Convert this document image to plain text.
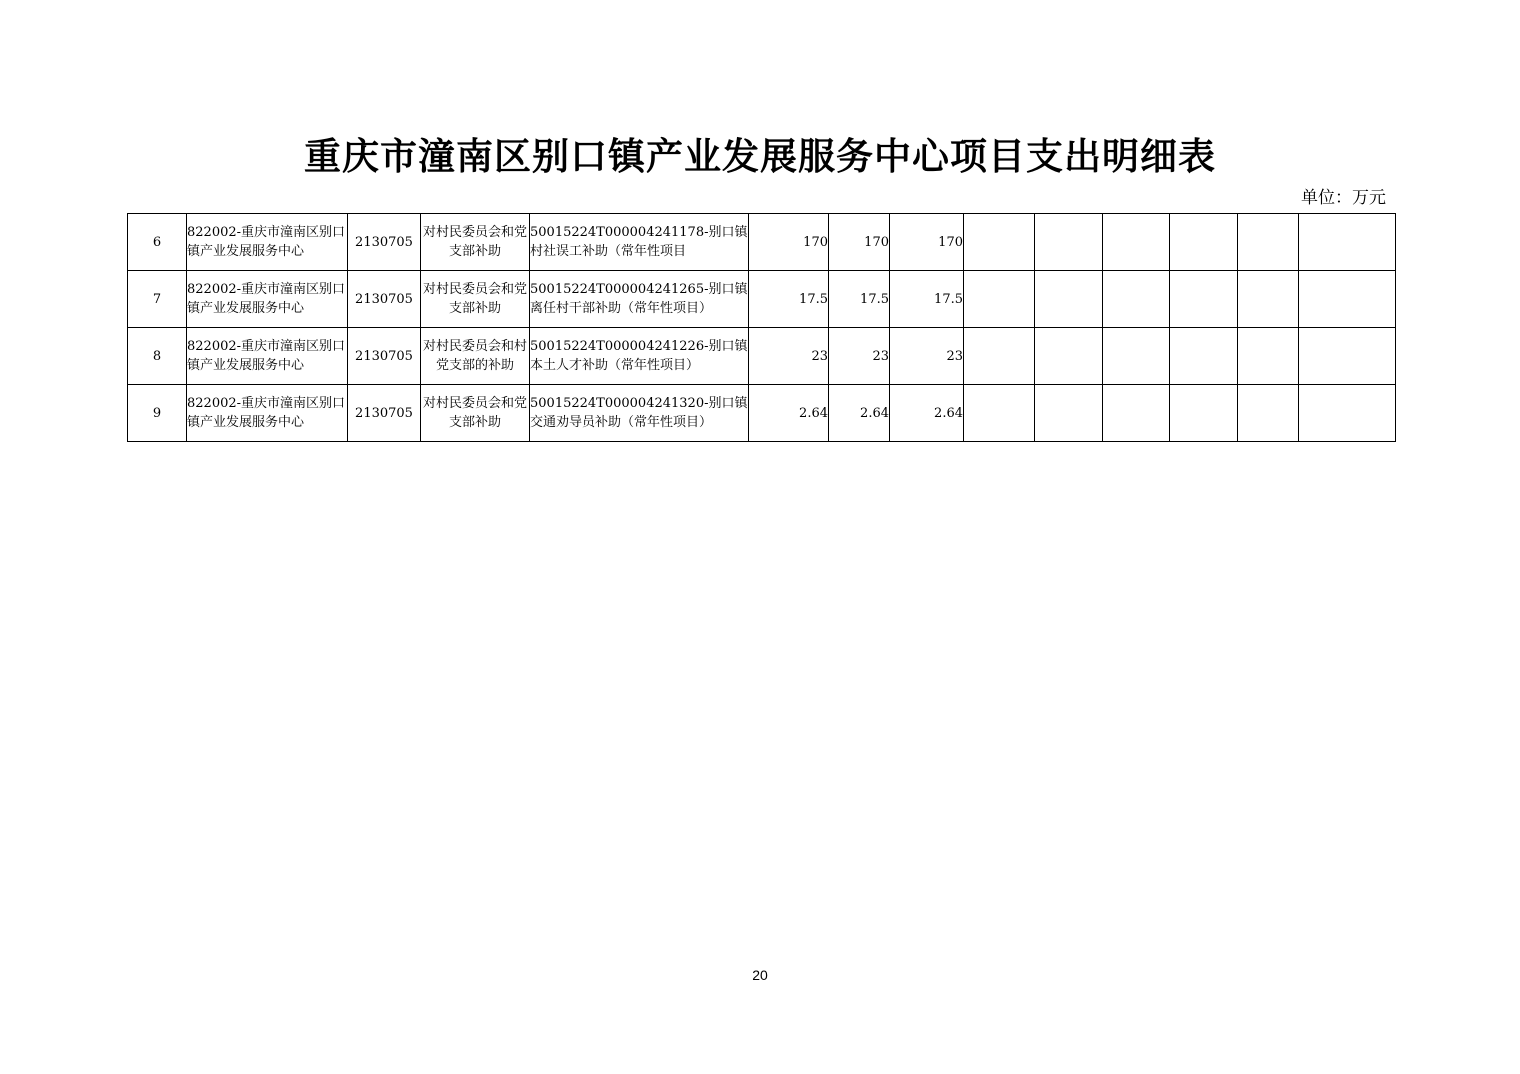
重庆市潼南区别口镇产业发展服务中心项目支出明细表
单位：万元
6	822002-重庆市潼南区别口镇产业发展服务中心	2130705	对村民委员会和党支部补助	50015224T000004241178-别口镇村社误工补助（常年性项目	170	170	170						
7	822002-重庆市潼南区别口镇产业发展服务中心	2130705	对村民委员会和党支部补助	50015224T000004241265-别口镇离任村干部补助（常年性项目）	17.5	17.5	17.5						
8	822002-重庆市潼南区别口镇产业发展服务中心	2130705	对村民委员会和村党支部的补助	50015224T000004241226-别口镇本土人才补助（常年性项目）	23	23	23						
9	822002-重庆市潼南区别口镇产业发展服务中心	2130705	对村民委员会和党支部补助	50015224T000004241320-别口镇交通劝导员补助（常年性项目）	2.64	2.64	2.64						
20
